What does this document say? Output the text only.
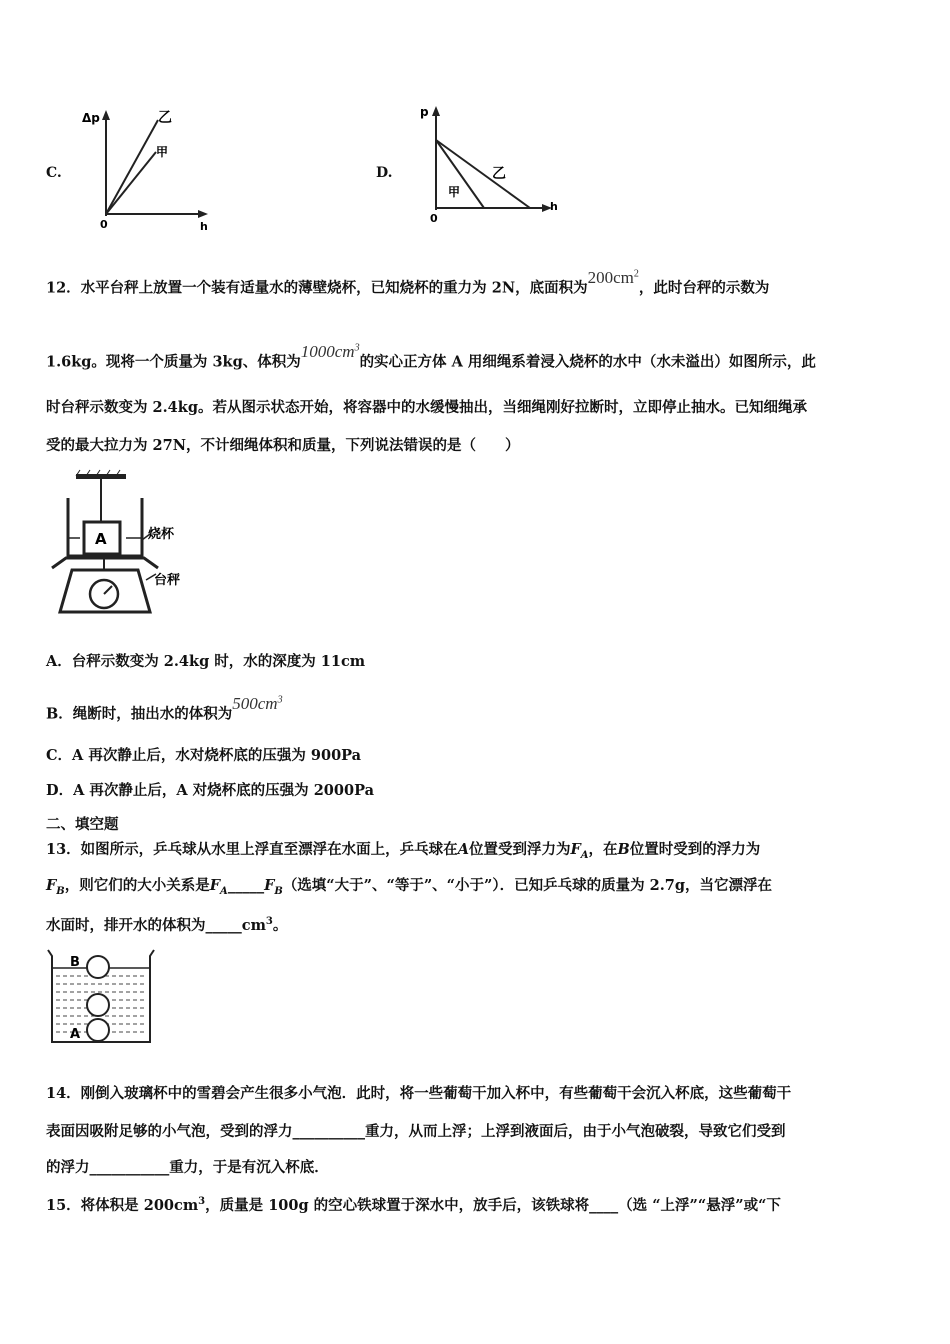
C.
Δp
h
0
乙
甲
D.
p
h
0
乙
甲
12．水平台秤上放置一个装有适量水的薄壁烧杯，已知烧杯的重力为 2N，底面积为$200cm^2$，此时台秤的示数为
1.6kg。现将一个质量为 3kg、体积为$1000cm^3$的实心正方体 A 用细绳系着浸入烧杯的水中（水未溢出）如图所示，此
时台秤示数变为 2.4kg。若从图示状态开始，将容器中的水缓慢抽出，当细绳刚好拉断时，立即停止抽水。已知细绳承
受的最大拉力为 27N，不计细绳体积和质量，下列说法错误的是（　　）
A	烧杯
台秤
A．台秤示数变为 2.4kg 时，水的深度为 11cm
B．绳断时，抽出水的体积为$500cm^3$
C．A 再次静止后，水对烧杯底的压强为 900Pa
D．A 再次静止后，A 对烧杯底的压强为 2000Pa
二、填空题
13．如图所示，乒乓球从水里上浮直至漂浮在水面上，乒乓球在A位置受到浮力为$F_A$，在B位置时受到的浮力为
$F_B$，则它们的大小关系是$F_A\_\_\_\_\_F_B$（选填“大于”、“等于”、“小于”）．已知乒乓球的质量为 2.7g，当它漂浮在
水面时，排开水的体积为$\_\_\_\_\_cm^3$。
B
A
14．刚倒入玻璃杯中的雪碧会产生很多小气泡．此时，将一些葡萄干加入杯中，有些葡萄干会沉入杯底，这些葡萄干
表面因吸附足够的小气泡，受到的浮力__________重力，从而上浮；上浮到液面后，由于小气泡破裂，导致它们受到
的浮力___________重力，于是有沉入杯底．
15．将体积是 $200cm^3$，质量是 100g 的空心铁球置于深水中，放手后，该铁球将____（选 “上浮”“悬浮”或“下
